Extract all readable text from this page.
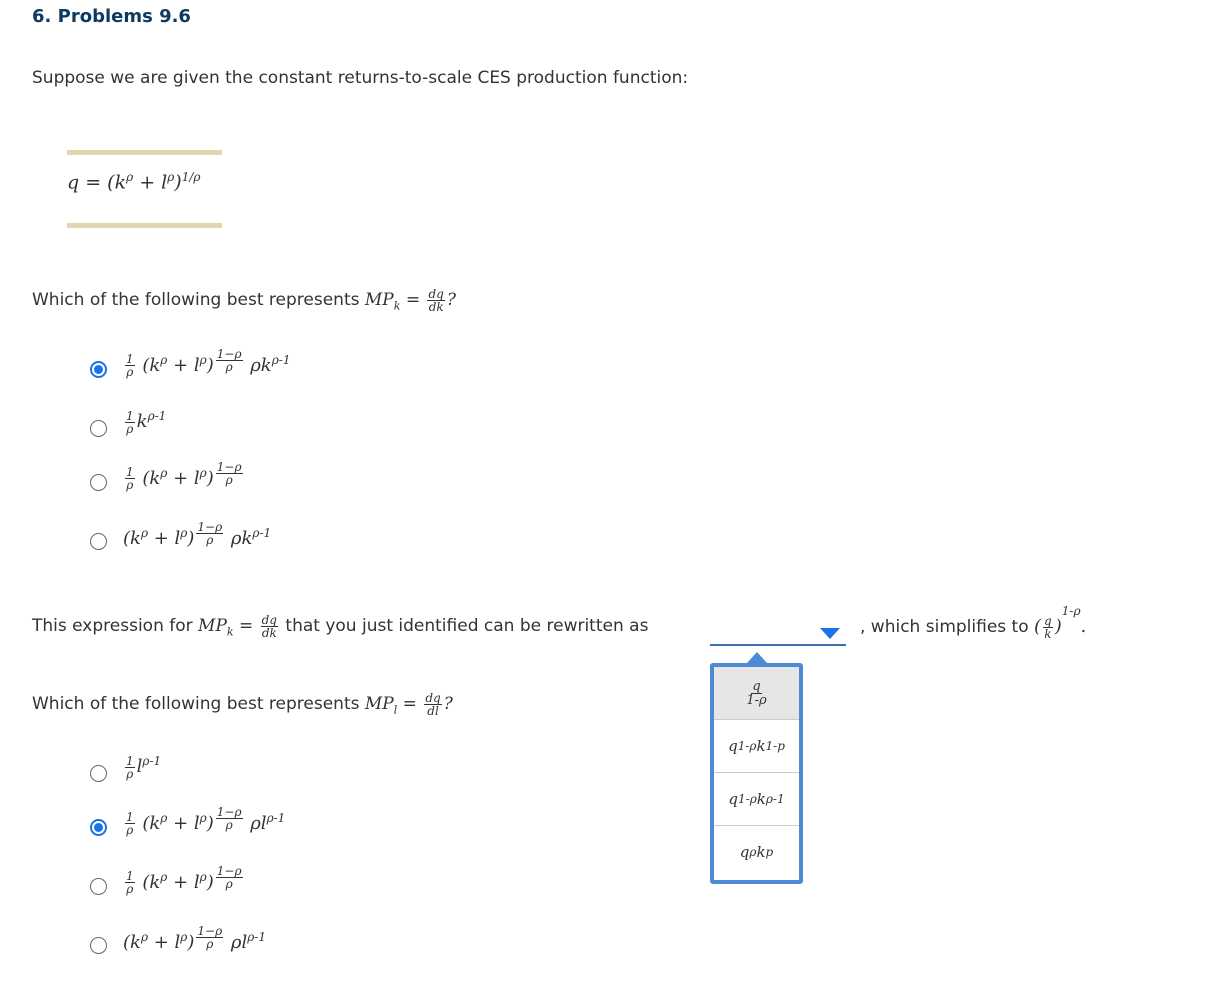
6. Problems 9.6
Suppose we are given the constant returns-to-scale CES production function:
$q = (k^\rho + l^\rho)^{1/\rho}$
Which of the following best represents $MP_k = \frac{dq}{dk}$ ?
$\frac{1}{\rho} (k^\rho + l^\rho)$ $^{\frac{1-\rho}{\rho}}$ $\rho k^{\rho-1}$
$\frac{1}{\rho} k^{\rho-1}$
$\frac{1}{\rho} (k^\rho + l^\rho)$ $^{\frac{1-\rho}{\rho}}$
$(k^\rho + l^\rho)$ $^{\frac{1-\rho}{\rho}}$ $\rho k^{\rho-1}$
This expression for $MP_k = \frac{dq}{dk}$ that you just identified can be rewritten as	, which simplifies to ( $\frac{q}{k} )^{1-\rho}$.
$\frac{q}{1-\rho}$
q 1-ρ k 1-p
q 1-ρ k ρ-1
q ρ k p
Which of the following best represents $MP_l = \frac{dq}{dl}$ ?
$\frac{1}{\rho} l^{\rho-1}$
$\frac{1}{\rho} (k^\rho + l^\rho)$ $^{\frac{1-\rho}{\rho}}$ $\rho l^{\rho-1}$
$\frac{1}{\rho} (k^\rho + l^\rho)$ $^{\frac{1-\rho}{\rho}}$
$(k^\rho + l^\rho)$ $^{\frac{1-\rho}{\rho}}$ $\rho l^{\rho-1}$
